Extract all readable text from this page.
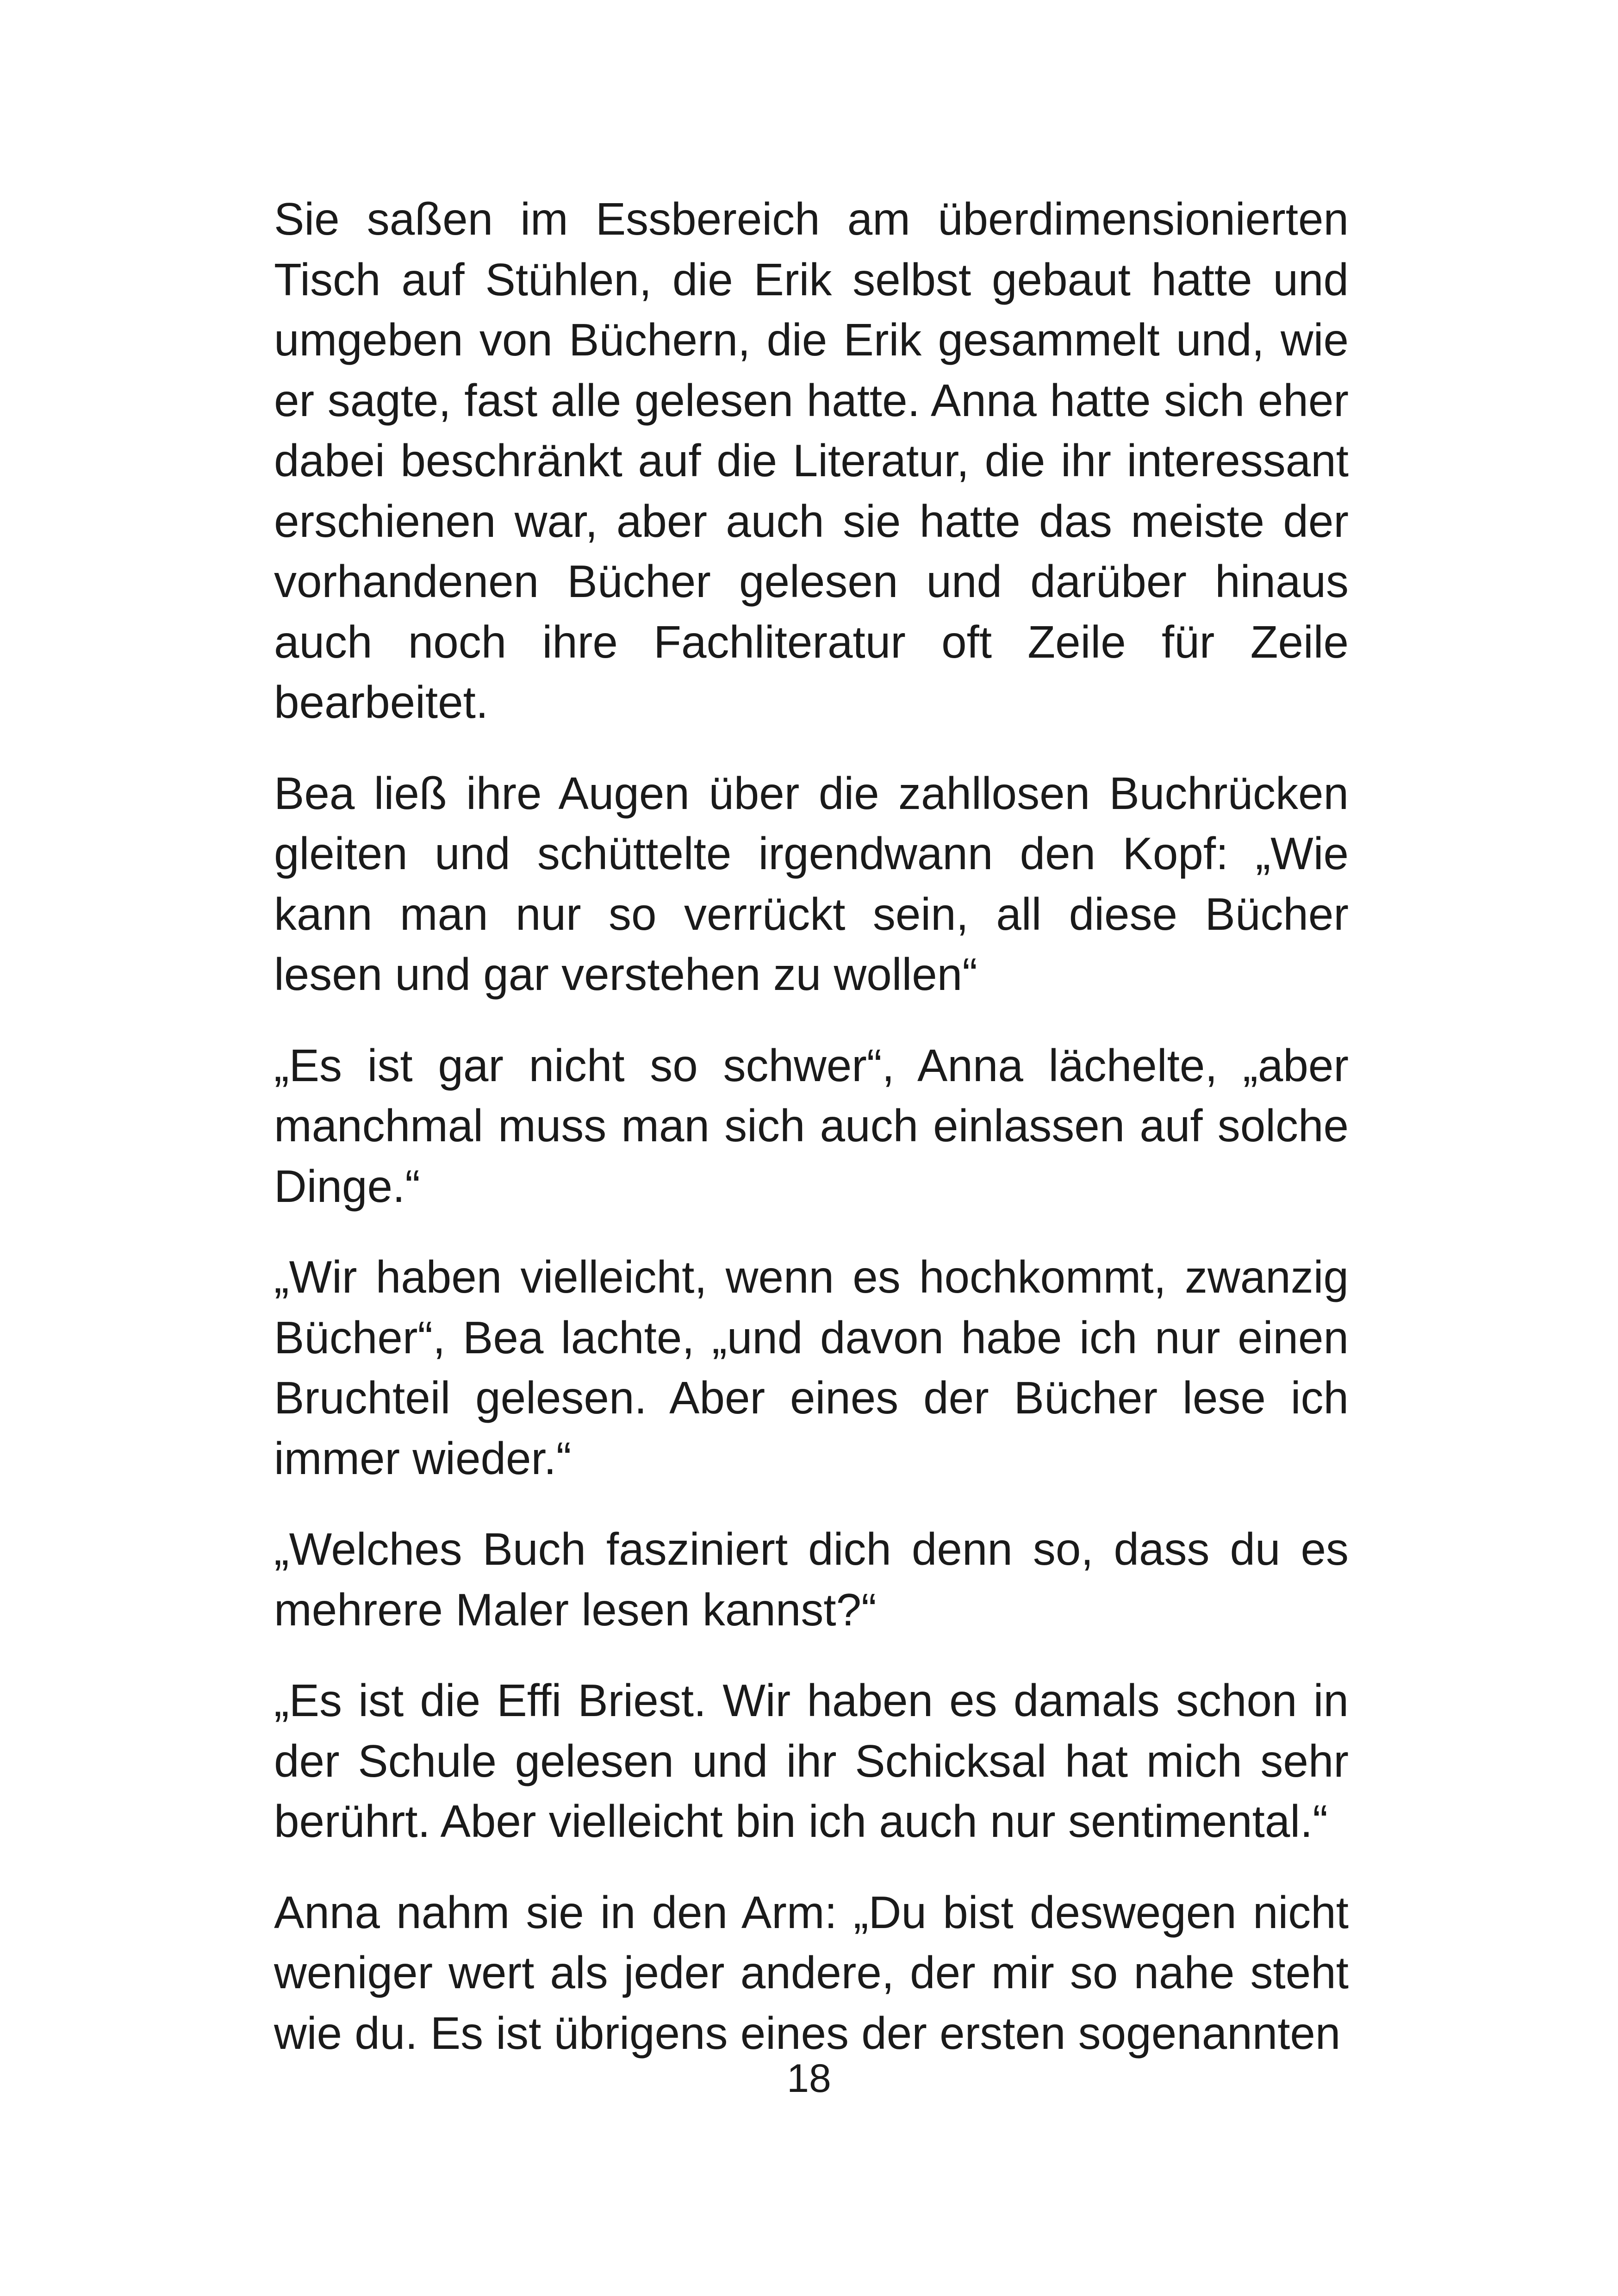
Sie saßen im Essbereich am überdimensionierten Tisch auf Stühlen, die Erik selbst gebaut hatte und umgeben von Büchern, die Erik gesammelt und, wie er sagte, fast alle gelesen hatte. Anna hatte sich eher dabei beschränkt auf die Literatur, die ihr interessant erschienen war, aber auch sie hatte das meiste der vorhandenen Bücher gelesen und darüber hinaus auch noch ihre Fachliteratur oft Zeile für Zeile bearbeitet.

Bea ließ ihre Augen über die zahllosen Buchrücken gleiten und schüttelte irgendwann den Kopf: „Wie kann man nur so verrückt sein, all diese Bücher lesen und gar verstehen zu wollen“

„Es ist gar nicht so schwer“, Anna lächelte, „aber manchmal muss man sich auch einlassen auf solche Dinge.“

„Wir haben vielleicht, wenn es hochkommt, zwanzig Bücher“, Bea lachte, „und davon habe ich nur einen Bruchteil gelesen. Aber eines der Bücher lese ich immer wieder.“

„Welches Buch fasziniert dich denn so, dass du es mehrere Maler lesen kannst?“

„Es ist die Effi Briest. Wir haben es damals schon in der Schule gelesen und ihr Schicksal hat mich sehr berührt. Aber vielleicht bin ich auch nur sentimental.“

Anna nahm sie in den Arm: „Du bist deswegen nicht weniger wert als jeder andere, der mir so nahe steht wie du. Es ist übrigens eines der ersten sogenannten

18
